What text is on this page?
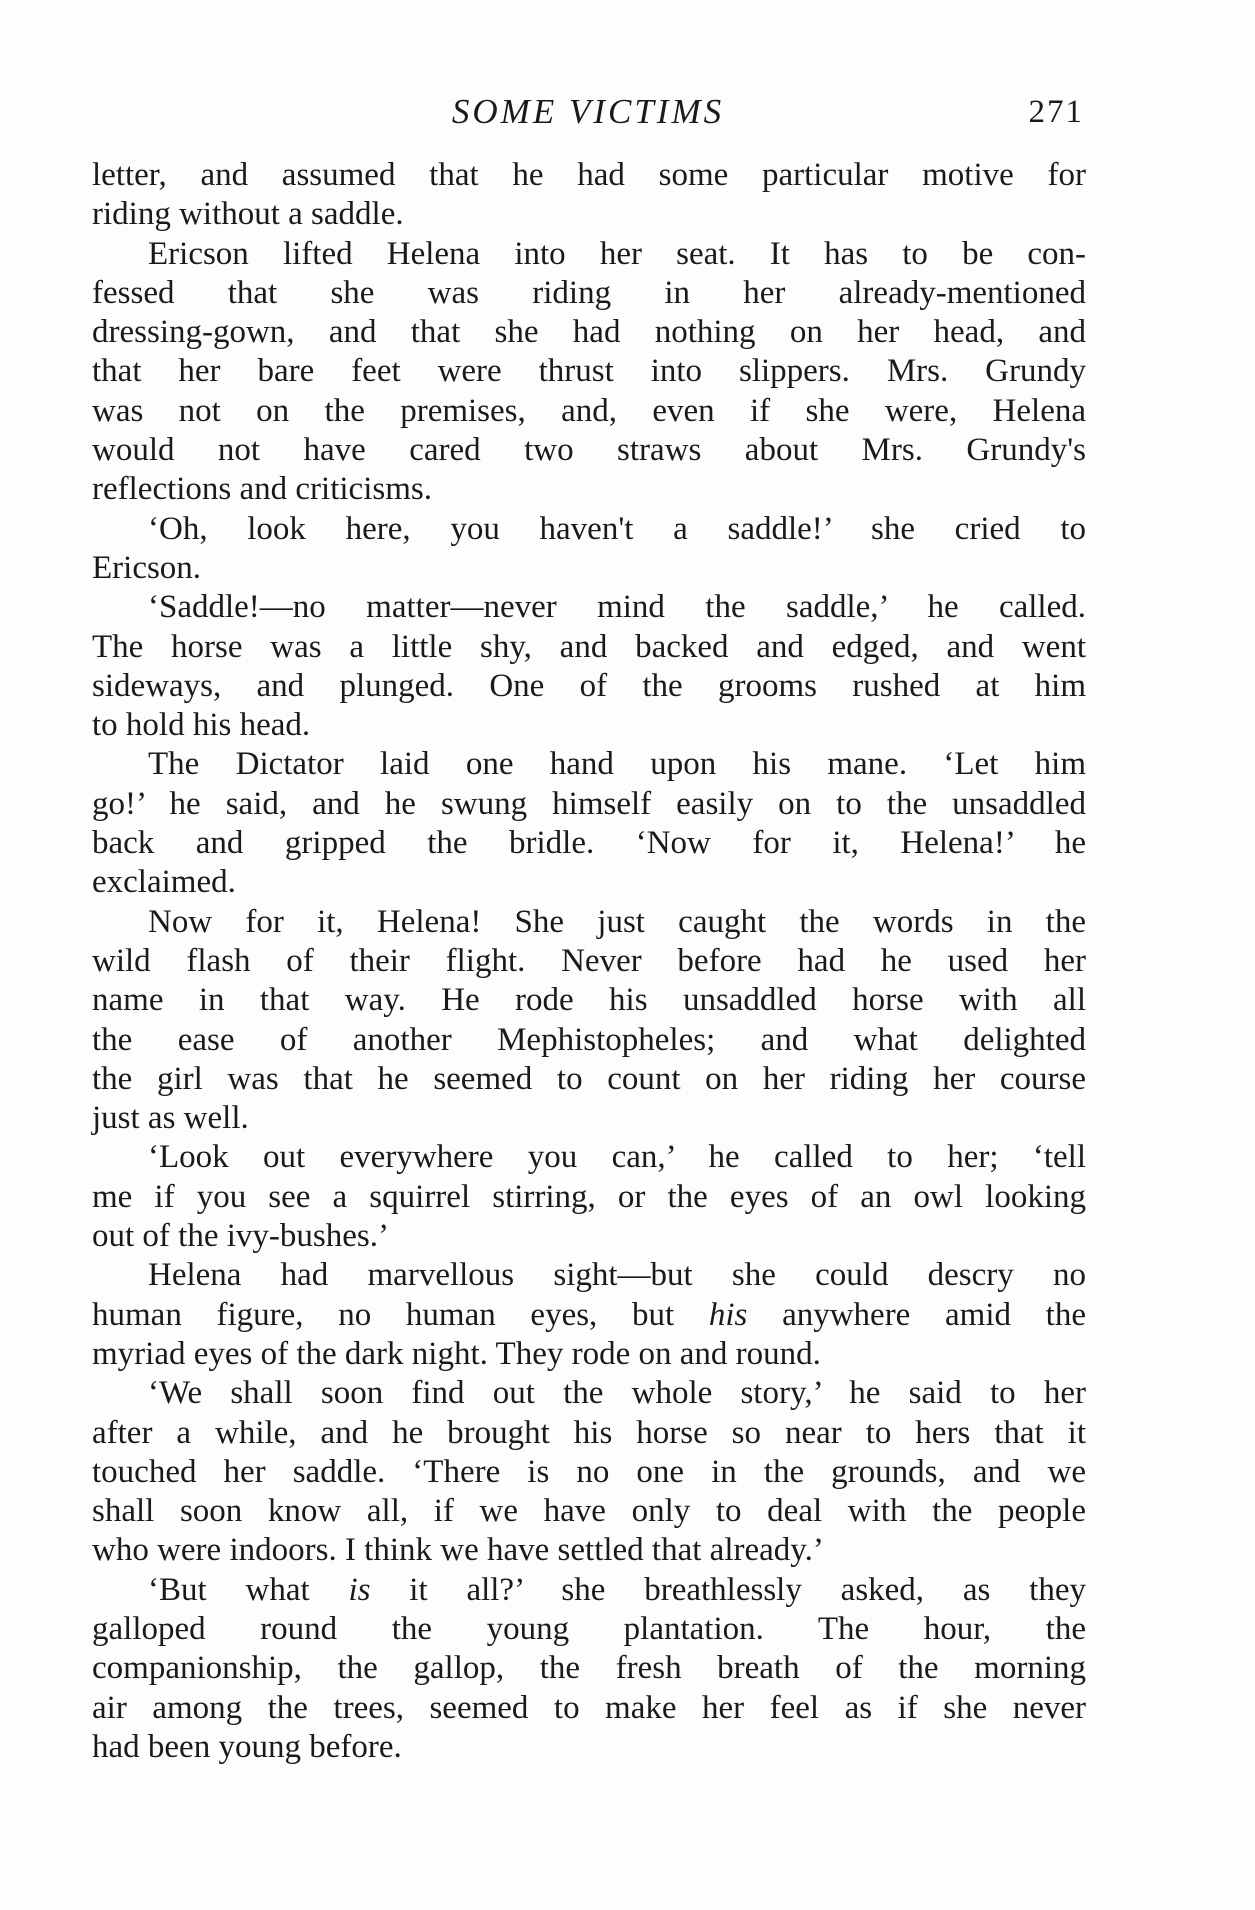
SOME VICTIMS	271
letter, and assumed that he had some particular motive for
riding without a saddle.
Ericson lifted Helena into her seat. It has to be con-
fessed that she was riding in her already-mentioned
dressing-gown, and that she had nothing on her head, and
that her bare feet were thrust into slippers. Mrs. Grundy
was not on the premises, and, even if she were, Helena
would not have cared two straws about Mrs. Grundy's
reflections and criticisms.
‘Oh, look here, you haven't a saddle!’ she cried to
Ericson.
‘Saddle!—no matter—never mind the saddle,’ he called.
The horse was a little shy, and backed and edged, and went
sideways, and plunged. One of the grooms rushed at him
to hold his head.
The Dictator laid one hand upon his mane. ‘Let him
go!’ he said, and he swung himself easily on to the unsaddled
back and gripped the bridle. ‘Now for it, Helena!’ he
exclaimed.
Now for it, Helena! She just caught the words in the
wild flash of their flight. Never before had he used her
name in that way. He rode his unsaddled horse with all
the ease of another Mephistopheles; and what delighted
the girl was that he seemed to count on her riding her course
just as well.
‘Look out everywhere you can,’ he called to her; ‘tell
me if you see a squirrel stirring, or the eyes of an owl looking
out of the ivy-bushes.’
Helena had marvellous sight—but she could descry no
human figure, no human eyes, but his anywhere amid the
myriad eyes of the dark night. They rode on and round.
‘We shall soon find out the whole story,’ he said to her
after a while, and he brought his horse so near to hers that it
touched her saddle. ‘There is no one in the grounds, and we
shall soon know all, if we have only to deal with the people
who were indoors. I think we have settled that already.’
‘But what is it all?’ she breathlessly asked, as they
galloped round the young plantation. The hour, the
companionship, the gallop, the fresh breath of the morning
air among the trees, seemed to make her feel as if she never
had been young before.
